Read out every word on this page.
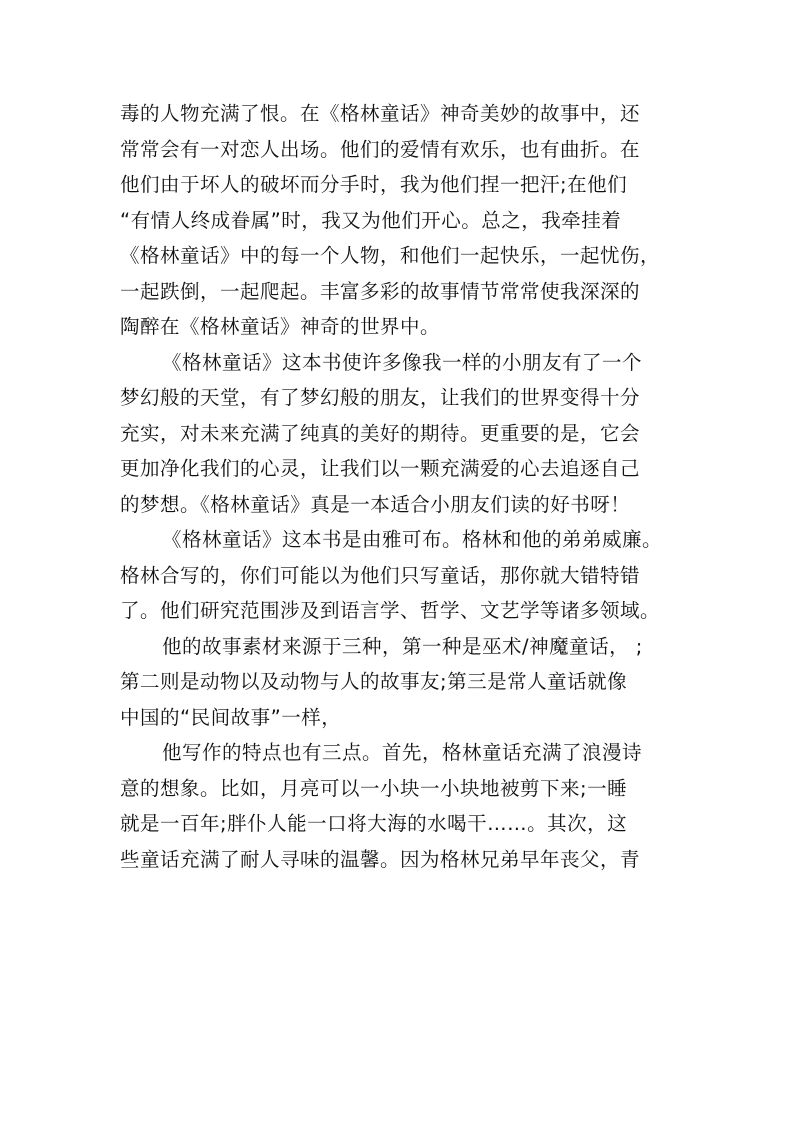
毒的人物充满了恨。在《格林童话》神奇美妙的故事中，还
常常会有一对恋人出场。他们的爱情有欢乐，也有曲折。在
他们由于坏人的破坏而分手时，我为他们捏一把汗;在他们
“有情人终成眷属”时，我又为他们开心。总之，我牵挂着
《格林童话》中的每一个人物，和他们一起快乐，一起忧伤，
一起跌倒，一起爬起。丰富多彩的故事情节常常使我深深的
陶醉在《格林童话》神奇的世界中。
《格林童话》这本书使许多像我一样的小朋友有了一个
梦幻般的天堂，有了梦幻般的朋友，让我们的世界变得十分
充实，对未来充满了纯真的美好的期待。更重要的是，它会
更加净化我们的心灵，让我们以一颗充满爱的心去追逐自己
的梦想。《格林童话》真是一本适合小朋友们读的好书呀！
《格林童话》这本书是由雅可布。格林和他的弟弟威廉。
格林合写的，你们可能以为他们只写童话，那你就大错特错
了。他们研究范围涉及到语言学、哲学、文艺学等诸多领域。
他的故事素材来源于三种，第一种是巫术/神魔童话， ;
第二则是动物以及动物与人的故事友;第三是常人童话就像
中国的“民间故事”一样，
他写作的特点也有三点。首先，格林童话充满了浪漫诗
意的想象。比如，月亮可以一小块一小块地被剪下来;一睡
就是一百年;胖仆人能一口将大海的水喝干……。其次，这
些童话充满了耐人寻味的温馨。因为格林兄弟早年丧父，青
